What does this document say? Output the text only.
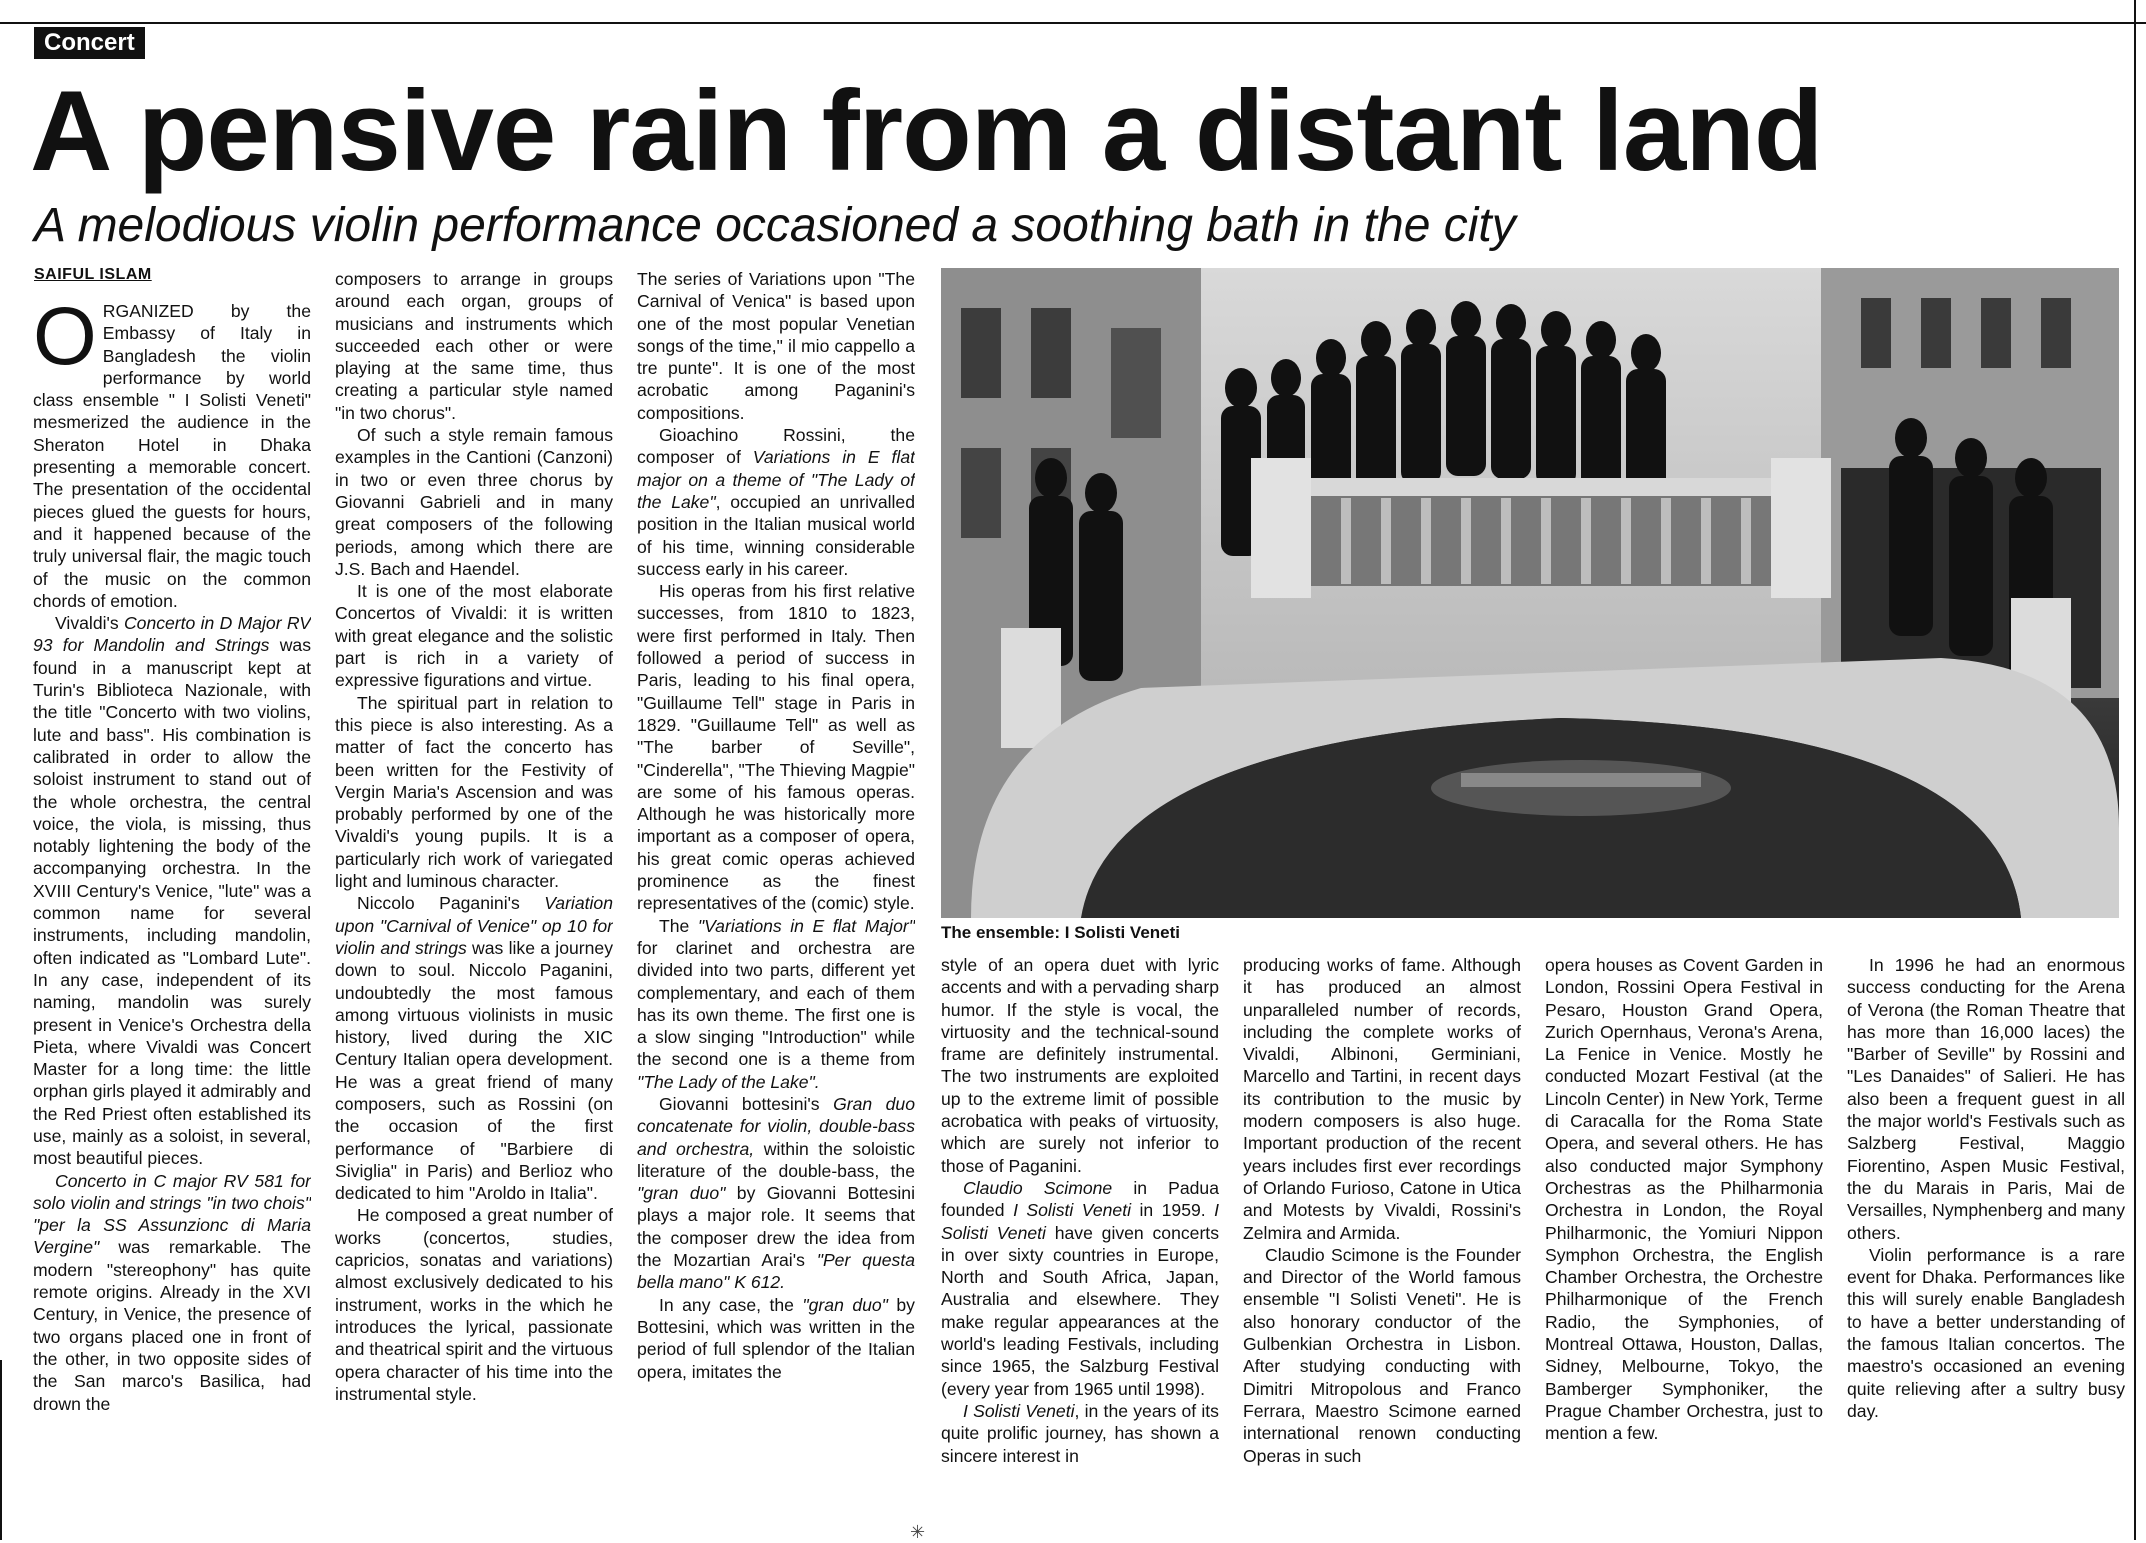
Concert
A pensive rain from a distant land
A melodious violin performance occasioned a soothing bath in the city
SAIFUL ISLAM

ORGANIZED by the Embassy of Italy in Bangladesh the violin performance by world class ensemble " I Solisti Veneti" mesmerized the audience in the Sheraton Hotel in Dhaka presenting a memorable concert. The presentation of the occidental pieces glued the guests for hours, and it happened because of the truly universal flair, the magic touch of the music on the common chords of emotion.

Vivaldi's Concerto in D Major RV 93 for Mandolin and Strings was found in a manuscript kept at Turin's Biblioteca Nazionale, with the title "Concerto with two violins, lute and bass". His combination is calibrated in order to allow the soloist instrument to stand out of the whole orchestra, the central voice, the viola, is missing, thus notably lightening the body of the accompanying orchestra. In the XVIII Century's Venice, "lute" was a common name for several instruments, including mandolin, often indicated as "Lombard Lute". In any case, independent of its naming, mandolin was surely present in Venice's Orchestra della Pieta, where Vivaldi was Concert Master for a long time: the little orphan girls played it admirably and the Red Priest often established its use, mainly as a soloist, in several, most beautiful pieces.

Concerto in C major RV 581 for solo violin and strings "in two chois" "per la SS Assunzionc di Maria Vergine" was remarkable. The modern "stereophony" has quite remote origins. Already in the XVI Century, in Venice, the presence of two organs placed one in front of the other, in two opposite sides of the San marco's Basilica, had drown the

composers to arrange in groups around each organ, groups of musicians and instruments which succeeded each other or were playing at the same time, thus creating a particular style named "in two chorus".

Of such a style remain famous examples in the Cantioni (Canzoni) in two or even three chorus by Giovanni Gabrieli and in many great composers of the following periods, among which there are J.S. Bach and Haendel.

It is one of the most elaborate Concertos of Vivaldi: it is written with great elegance and the solistic part is rich in a variety of expressive figurations and virtue.

The spiritual part in relation to this piece is also interesting. As a matter of fact the concerto has been written for the Festivity of Vergin Maria's Ascension and was probably performed by one of the Vivaldi's young pupils. It is a particularly rich work of variegated light and luminous character.

Niccolo Paganini's Variation upon "Carnival of Venice" op 10 for violin and strings was like a journey down to soul. Niccolo Paganini, undoubtedly the most famous among virtuous violinists in music history, lived during the XIC Century Italian opera development. He was a great friend of many composers, such as Rossini (on the occasion of the first performance of "Barbiere di Siviglia" in Paris) and Berlioz who dedicated to him "Aroldo in Italia".

He composed a great number of works (concertos, studies, capricios, sonatas and variations) almost exclusively dedicated to his instrument, works in the which he introduces the lyrical, passionate and theatrical spirit and the virtuous opera character of his time into the instrumental style.

The series of Variations upon "The Carnival of Venica" is based upon one of the most popular Venetian songs of the time," il mio cappello a tre punte". It is one of the most acrobatic among Paganini's compositions.

Gioachino Rossini, the composer of Variations in E flat major on a theme of "The Lady of the Lake", occupied an unrivalled position in the Italian musical world of his time, winning considerable success early in his career.

His operas from his first relative successes, from 1810 to 1823, were first performed in Italy. Then followed a period of success in Paris, leading to his final opera, "Guillaume Tell" stage in Paris in 1829. "Guillaume Tell" as well as "The barber of Seville", "Cinderella", "The Thieving Magpie" are some of his famous operas. Although he was historically more important as a composer of opera, his great comic operas achieved prominence as the finest representatives of the (comic) style.

The "Variations in E flat Major" for clarinet and orchestra are divided into two parts, different yet complementary, and each of them has its own theme. The first one is a slow singing "Introduction" while the second one is a theme from "The Lady of the Lake".

Giovanni bottesini's Gran duo concatenate for violin, double-bass and orchestra, within the soloistic literature of the double-bass, the "gran duo" by Giovanni Bottesini plays a major role. It seems that the composer drew the idea from the Mozartian Arai's "Per questa bella mano" K 612.

In any case, the "gran duo" by Bottesini, which was written in the period of full splendor of the Italian opera, imitates the

The ensemble: I Solisti Veneti

style of an opera duet with lyric accents and with a pervading sharp humor. If the style is vocal, the virtuosity and the technical-sound frame are definitely instrumental. The two instruments are exploited up to the extreme limit of possible acrobatica with peaks of virtuosity, which are surely not inferior to those of Paganini.

Claudio Scimone in Padua founded I Solisti Veneti in 1959. I Solisti Veneti have given concerts in over sixty countries in Europe, North and South Africa, Japan, Australia and elsewhere. They make regular appearances at the world's leading Festivals, including since 1965, the Salzburg Festival (every year from 1965 until 1998).

I Solisti Veneti, in the years of its quite prolific journey, has shown a sincere interest in

producing works of fame. Although it has produced an almost unparalleled number of records, including the complete works of Vivaldi, Albinoni, Germiniani, Marcello and Tartini, in recent days its contribution to the music by modern composers is also huge. Important production of the recent years includes first ever recordings of Orlando Furioso, Catone in Utica and Motests by Vivaldi, Rossini's Zelmira and Armida.

Claudio Scimone is the Founder and Director of the World famous ensemble "I Solisti Veneti". He is also honorary conductor of the Gulbenkian Orchestra in Lisbon. After studying conducting with Dimitri Mitropolous and Franco Ferrara, Maestro Scimone earned international renown conducting Operas in such

opera houses as Covent Garden in London, Rossini Opera Festival in Pesaro, Houston Grand Opera, Zurich Opernhaus, Verona's Arena, La Fenice in Venice. Mostly he conducted Mozart Festival (at the Lincoln Center) in New York, Terme di Caracalla for the Roma State Opera, and several others. He has also conducted major Symphony Orchestras as the Philharmonia Orchestra in London, the Royal Philharmonic, the Yomiuri Nippon Symphon Orchestra, the English Chamber Orchestra, the Orchestre Philharmonique of the French Radio, the Symphonies, of Montreal Ottawa, Houston, Dallas, Sidney, Melbourne, Tokyo, the Bamberger Symphoniker, the Prague Chamber Orchestra, just to mention a few.

In 1996 he had an enormous success conducting for the Arena of Verona (the Roman Theatre that has more than 16,000 laces) the "Barber of Seville" by Rossini and "Les Danaides" of Salieri. He has also been a frequent guest in all the major world's Festivals such as Salzberg Festival, Maggio Fiorentino, Aspen Music Festival, the du Marais in Paris, Mai de Versailles, Nymphenberg and many others.

Violin performance is a rare event for Dhaka. Performances like this will surely enable Bangladesh to have a better understanding of the famous Italian concertos. The maestro's occasioned an evening quite relieving after a sultry busy day.

✳
